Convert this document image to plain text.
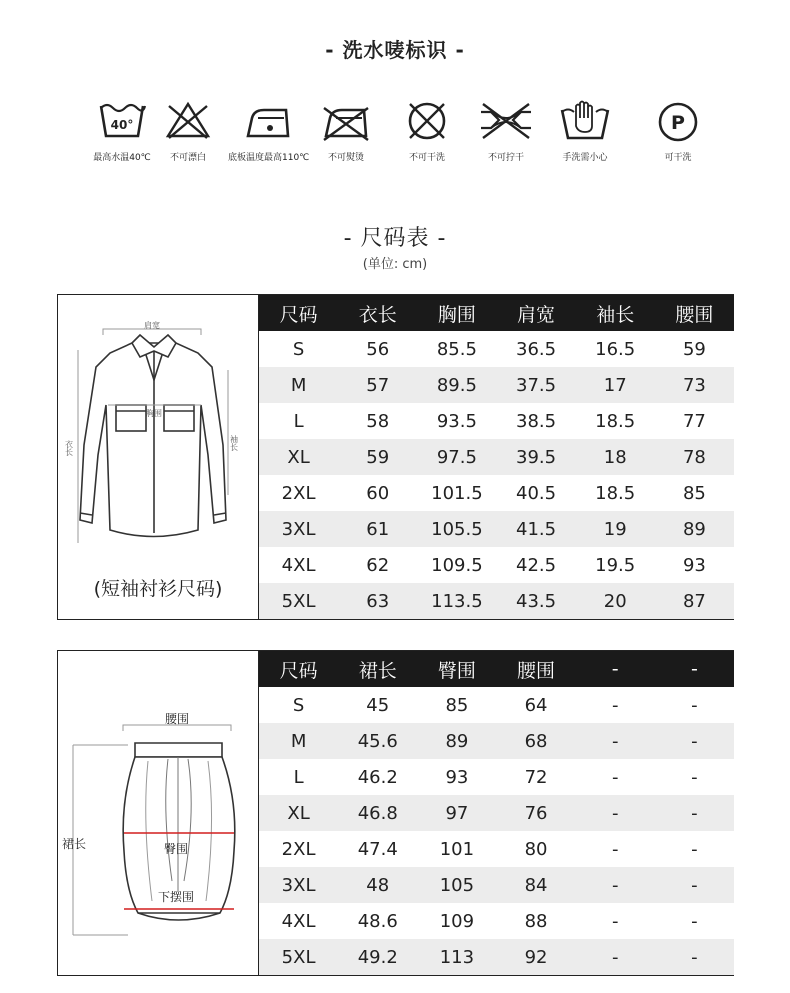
- 洗水唛标识 -
40°
最高水温40℃	不可漂白	底板温度最高110℃	不可熨烫	不可干洗	不可拧干	手洗需小心
P
可干洗
- 尺码表 -
(单位: cm)
肩宽
衣长	袖长
胸围
(短袖衬衫尺码)
尺码	衣长	胸围	肩宽	袖长	腰围
S	56	85.5	36.5	16.5	59
M	57	89.5	37.5	17	73
L	58	93.5	38.5	18.5	77
XL	59	97.5	39.5	18	78
2XL	60	101.5	40.5	18.5	85
3XL	61	105.5	41.5	19	89
4XL	62	109.5	42.5	19.5	93
5XL	63	113.5	43.5	20	87
腰围
裙长	臀围
下摆围
尺码	裙长	臀围	腰围	-	-
S	45	85	64	-	-
M	45.6	89	68	-	-
L	46.2	93	72	-	-
XL	46.8	97	76	-	-
2XL	47.4	101	80	-	-
3XL	48	105	84	-	-
4XL	48.6	109	88	-	-
5XL	49.2	113	92	-	-
